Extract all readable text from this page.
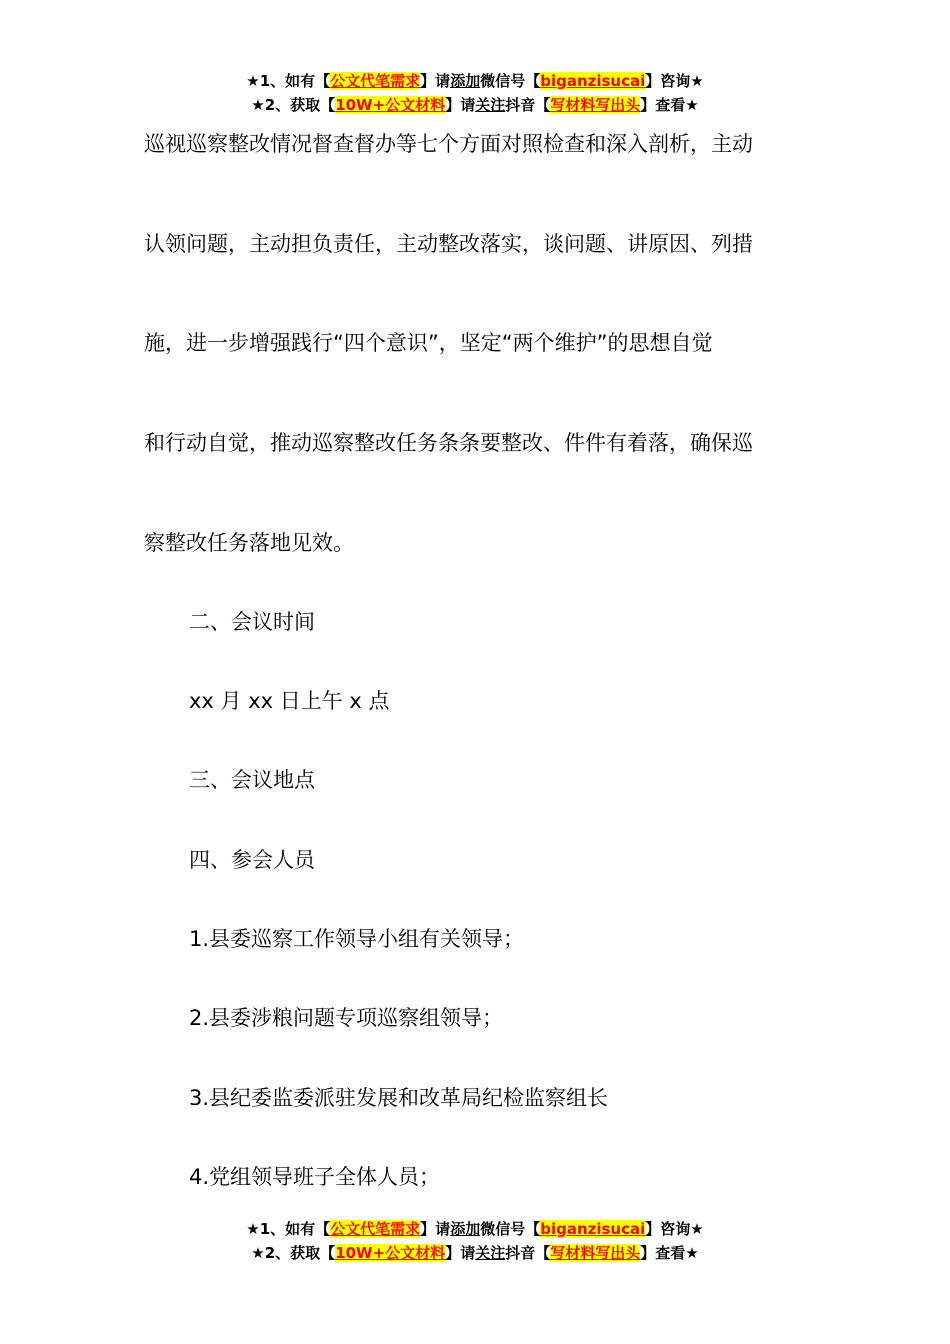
★1、如有【公文代笔需求】请添加微信号【biganzisucai】咨询★
★2、获取【10W+公文材料】请关注抖音【写材料写出头】查看★
巡视巡察整改情况督查督办等七个方面对照检查和深入剖析，主动
认领问题，主动担负责任，主动整改落实，谈问题、讲原因、列措
施，进一步增强践行“四个意识”，坚定“两个维护”的思想自觉
和行动自觉，推动巡察整改任务条条要整改、件件有着落，确保巡
察整改任务落地见效。
二、会议时间
xx 月 xx 日上午 x 点
三、会议地点
四、参会人员
1.县委巡察工作领导小组有关领导；
2.县委涉粮问题专项巡察组领导；
3.县纪委监委派驻发展和改革局纪检监察组长
4.党组领导班子全体人员；
★1、如有【公文代笔需求】请添加微信号【biganzisucai】咨询★
★2、获取【10W+公文材料】请关注抖音【写材料写出头】查看★
